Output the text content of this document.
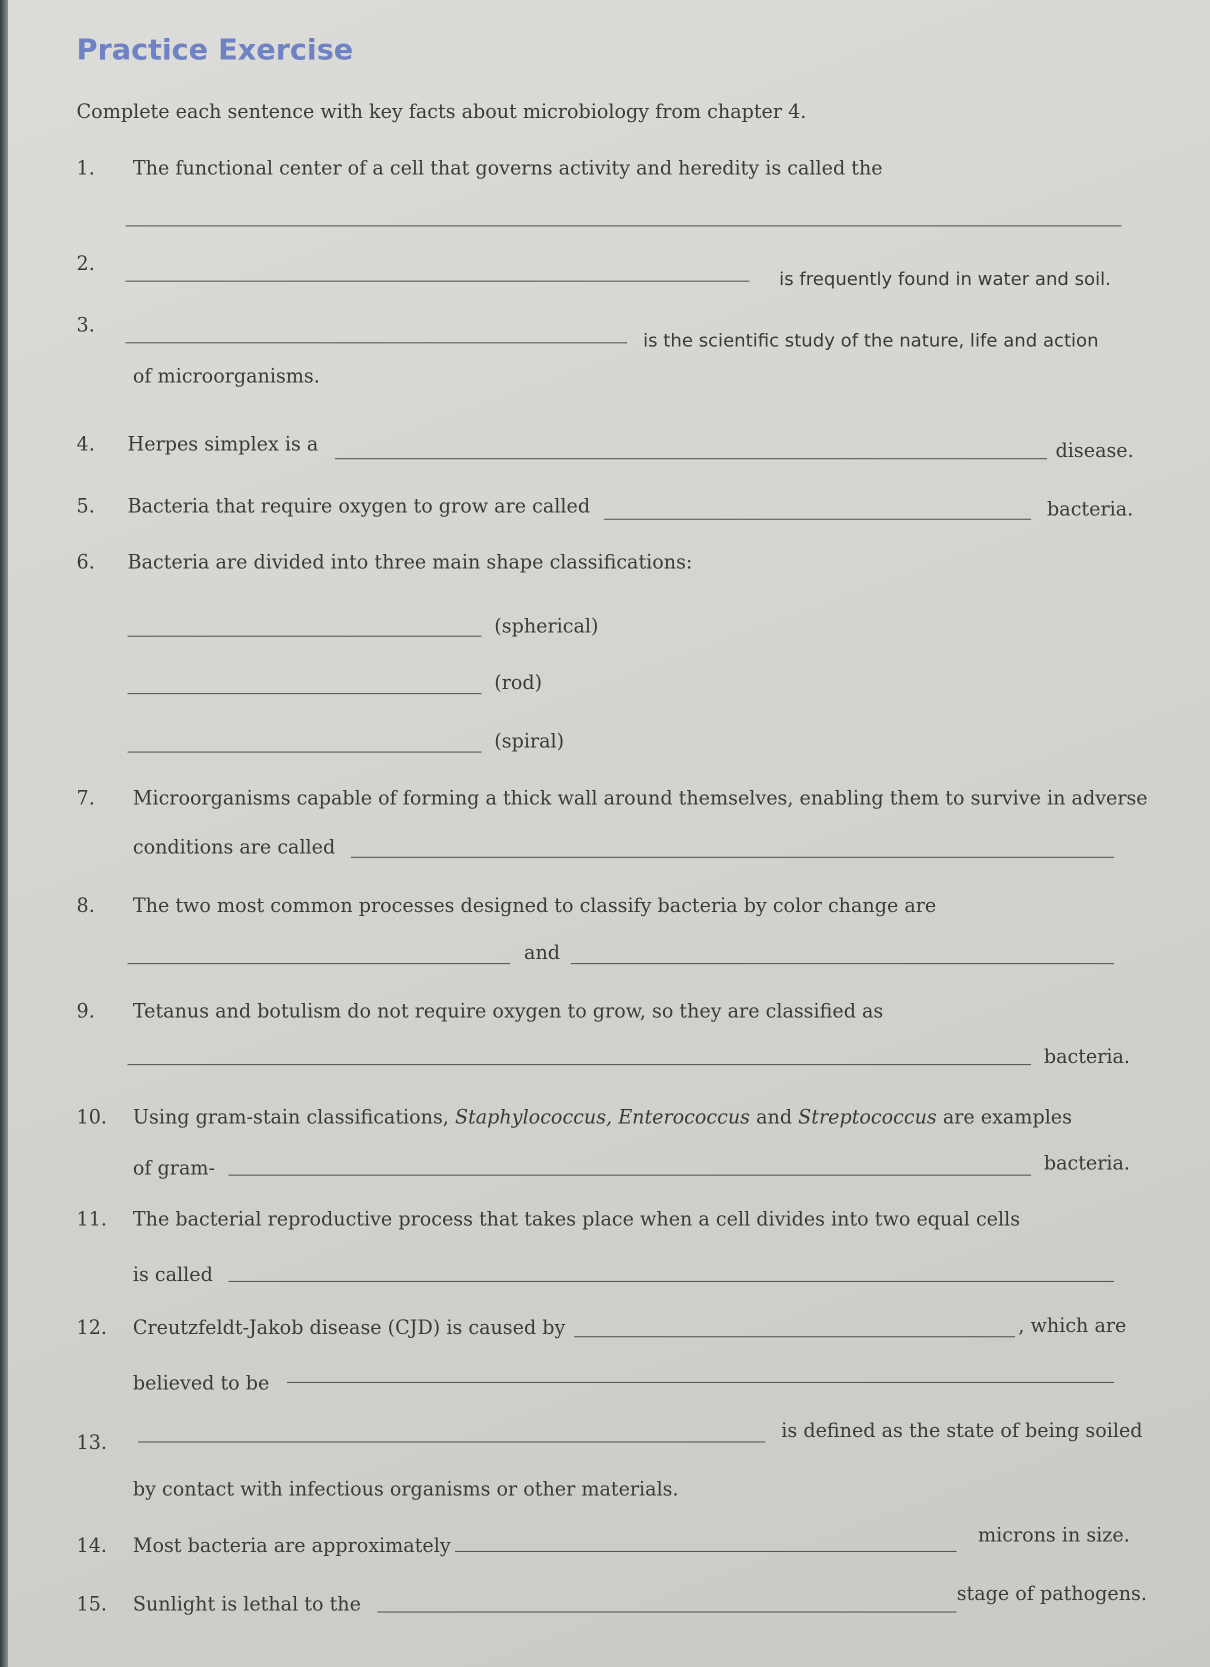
Practice Exercise
Complete each sentence with key facts about microbiology from chapter 4.
1. The functional center of a cell that governs activity and heredity is called the
2.
is frequently found in water and soil.
3.
is the scientific study of the nature, life and action
of microorganisms.
4. Herpes simplex is a	disease.
5. Bacteria that require oxygen to grow are called	bacteria.
6. Bacteria are divided into three main shape classifications:
(spherical)
(rod)
(spiral)
7. Microorganisms capable of forming a thick wall around themselves, enabling them to survive in adverse
conditions are called
8. The two most common processes designed to classify bacteria by color change are
and
9. Tetanus and botulism do not require oxygen to grow, so they are classified as
bacteria.
10. Using gram-stain classifications, Staphylococcus, Enterococcus and Streptococcus are examples
of gram-	bacteria.
11. The bacterial reproductive process that takes place when a cell divides into two equal cells
is called
12. Creutzfeldt-Jakob disease (CJD) is caused by	, which are
believed to be
13.
is defined as the state of being soiled
by contact with infectious organisms or other materials.
14. Most bacteria are approximately	microns in size.
15. Sunlight is lethal to the	stage of pathogens.
